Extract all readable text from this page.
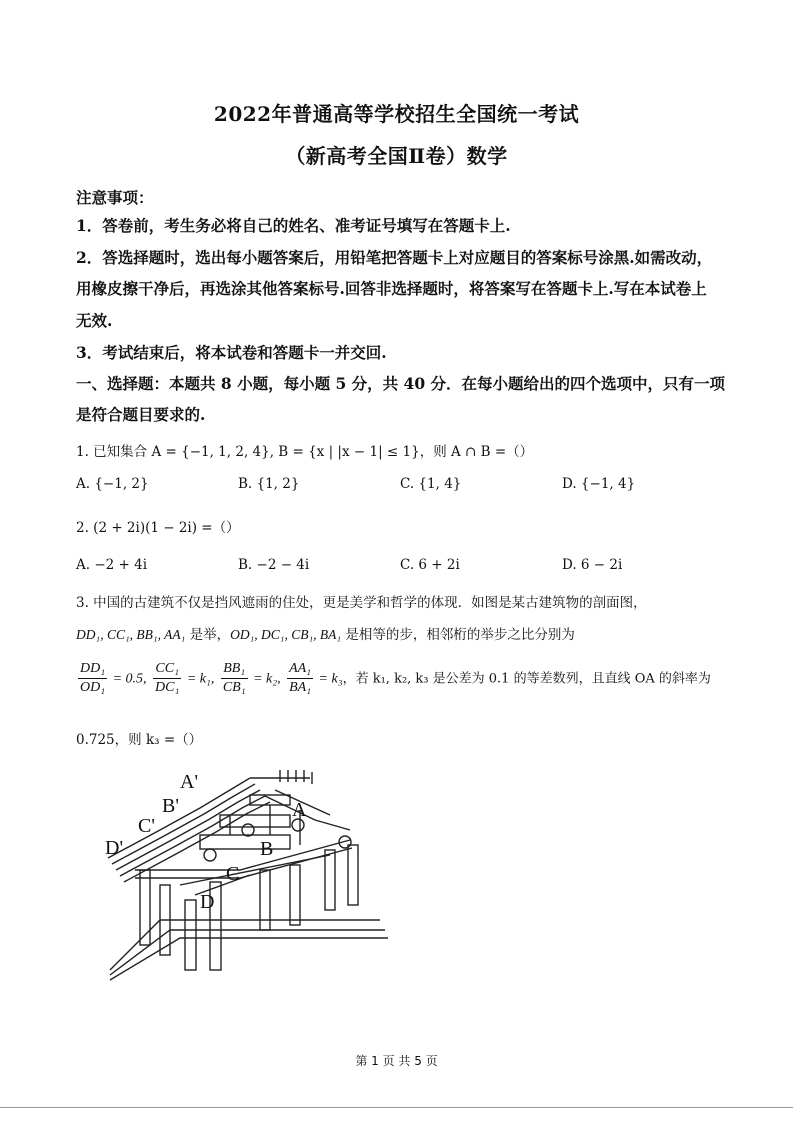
2022年普通高等学校招生全国统一考试
（新高考全国Ⅱ卷）数学
注意事项：
1．答卷前，考生务必将自己的姓名、准考证号填写在答题卡上.
2．答选择题时，选出每小题答案后，用铅笔把答题卡上对应题目的答案标号涂黑.如需改动，
用橡皮擦干净后，再选涂其他答案标号.回答非选择题时，将答案写在答题卡上.写在本试卷上
无效.
3．考试结束后，将本试卷和答题卡一并交回.
一、选择题：本题共 8 小题，每小题 5 分，共 40 分．在每小题给出的四个选项中，只有一项
是符合题目要求的.
1. 已知集合 A = {−1, 1, 2, 4}, B = {x | |x − 1| ≤ 1}，则 A ∩ B =（）
A. {−1, 2}	B. {1, 2}	C. {1, 4}	D. {−1, 4}
2. (2 + 2i)(1 − 2i) =（）
A. −2 + 4i	B. −2 − 4i	C. 6 + 2i	D. 6 − 2i
3. 中国的古建筑不仅是挡风遮雨的住处，更是美学和哲学的体现．如图是某古建筑物的剖面图，
DD₁, CC₁, BB₁, AA₁ 是举，OD₁, DC₁, CB₁, BA₁ 是相等的步，相邻桁的举步之比分别为
$\frac{\text{DD₁}}{\text{OD₁}} = 0.5$, $\frac{\text{CC₁}}{\text{DC₁}} = k_1$, $\frac{\text{BB₁}}{\text{CB₁}} = k_2$, $\frac{\text{AA₁}}{\text{BA₁}} = k_3$，若 k₁, k₂, k₃ 是公差为 0.1 的等差数列，且直线 OA 的斜率为
0.725，则 k₃ =（）
A'
B'
C'
D'
A
B
C
D
第 1 页 共 5 页
